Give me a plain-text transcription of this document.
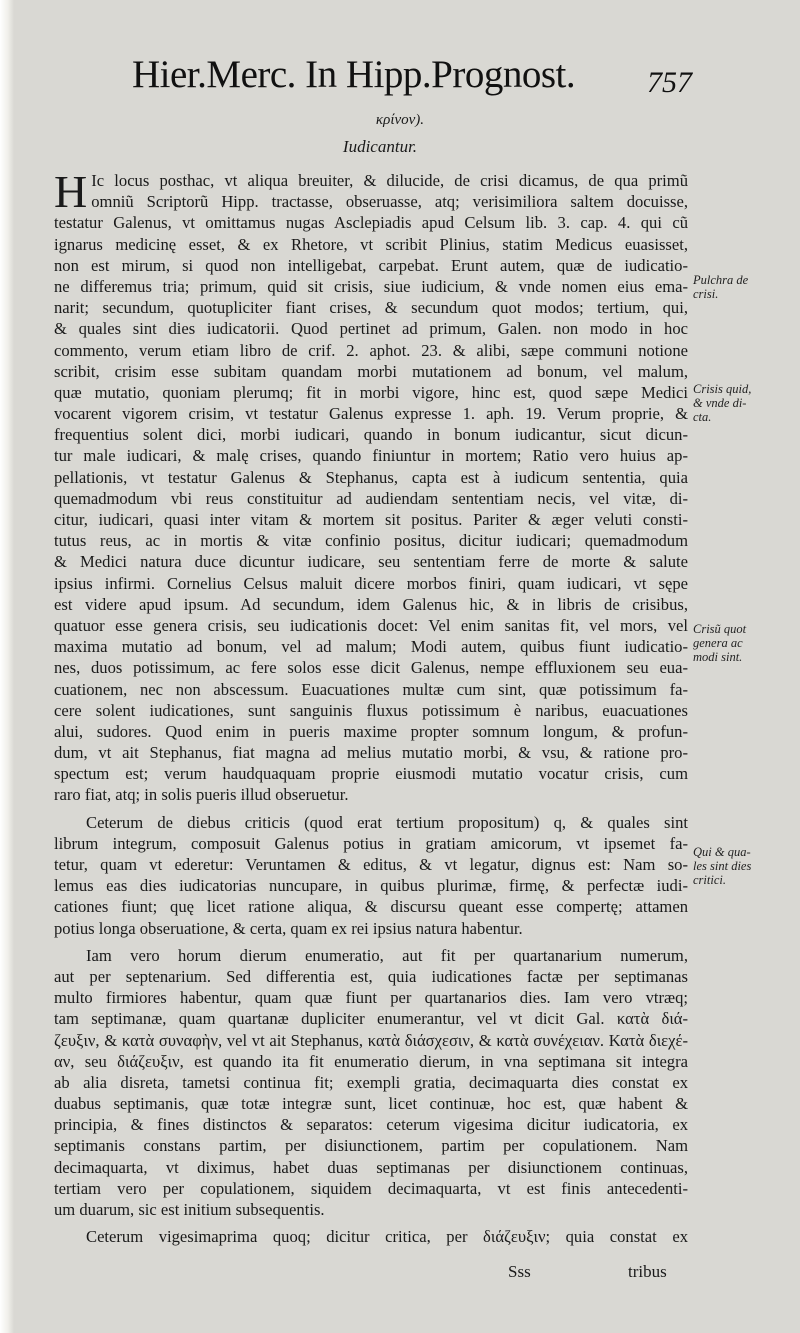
Hier.Merc. In Hipp.Prognost. 757
κρίνον).
Iudicantur.
H Ic locus posthac, vt aliqua breuiter, & dilucide, de crisi dicamus, de qua primũ
omniũ Scriptorũ Hipp. tractasse, obseruasse, atq; verisimiliora saltem docuisse,
testatur Galenus, vt omittamus nugas Asclepiadis apud Celsum lib. 3. cap. 4. qui cũ
ignarus medicinę esset, & ex Rhetore, vt scribit Plinius, statim Medicus euasisset,
non est mirum, si quod non intelligebat, carpebat. Erunt autem, quæ de iudicatio-
ne differemus tria; primum, quid sit crisis, siue iudicium, & vnde nomen eius ema-
narit; secundum, quotupliciter fiant crises, & secundum quot modos; tertium, qui,
& quales sint dies iudicatorii. Quod pertinet ad primum, Galen. non modo in hoc
commento, verum etiam libro de crif. 2. aphot. 23. & alibi, sæpe communi notione
scribit, crisim esse subitam quandam morbi mutationem ad bonum, vel malum,
quæ mutatio, quoniam plerumq; fit in morbi vigore, hinc est, quod sæpe Medici
vocarent vigorem crisim, vt testatur Galenus expresse 1. aph. 19. Verum proprie, &
frequentius solent dici, morbi iudicari, quando in bonum iudicantur, sicut dicun-
tur male iudicari, & malę crises, quando finiuntur in mortem; Ratio vero huius ap-
pellationis, vt testatur Galenus & Stephanus, capta est à iudicum sententia, quia
quemadmodum vbi reus constituitur ad audiendam sententiam necis, vel vitæ, di-
citur, iudicari, quasi inter vitam & mortem sit positus. Pariter & æger veluti consti-
tutus reus, ac in mortis & vitæ confinio positus, dicitur iudicari; quemadmodum
& Medici natura duce dicuntur iudicare, seu sententiam ferre de morte & salute
ipsius infirmi. Cornelius Celsus maluit dicere morbos finiri, quam iudicari, vt sępe
est videre apud ipsum. Ad secundum, idem Galenus hic, & in libris de crisibus,
quatuor esse genera crisis, seu iudicationis docet: Vel enim sanitas fit, vel mors, vel
maxima mutatio ad bonum, vel ad malum; Modi autem, quibus fiunt iudicatio-
nes, duos potissimum, ac fere solos esse dicit Galenus, nempe effluxionem seu eua-
cuationem, nec non abscessum. Euacuationes multæ cum sint, quæ potissimum fa-
cere solent iudicationes, sunt sanguinis fluxus potissimum è naribus, euacuationes
alui, sudores. Quod enim in pueris maxime propter somnum longum, & profun-
dum, vt ait Stephanus, fiat magna ad melius mutatio morbi, & vsu, & ratione pro-
spectum est; verum haudquaquam proprie eiusmodi mutatio vocatur crisis, cum
raro fiat, atq; in solis pueris illud obseruetur.
Ceterum de diebus criticis (quod erat tertium propositum) q, & quales sint
librum integrum, composuit Galenus potius in gratiam amicorum, vt ipsemet fa-
tetur, quam vt ederetur: Veruntamen & editus, & vt legatur, dignus est: Nam so-
lemus eas dies iudicatorias nuncupare, in quibus plurimæ, firmę, & perfectæ iudi-
cationes fiunt; quę licet ratione aliqua, & discursu queant esse compertę; attamen
potius longa obseruatione, & certa, quam ex rei ipsius natura habentur.
Iam vero horum dierum enumeratio, aut fit per quartanarium numerum,
aut per septenarium. Sed differentia est, quia iudicationes factæ per septimanas
multo firmiores habentur, quam quæ fiunt per quartanarios dies. Iam vero vtræq;
tam septimanæ, quam quartanæ dupliciter enumerantur, vel vt dicit Gal. κατὰ διά-
ζευξιν, & κατὰ συναφὴν, vel vt ait Stephanus, κατὰ διάσχεσιν, & κατὰ συνέχειαν. Κατὰ διεχέ-
αν, seu διάζευξιν, est quando ita fit enumeratio dierum, in vna septimana sit integra
ab alia disreta, tametsi continua fit; exempli gratia, decimaquarta dies constat ex
duabus septimanis, quæ totæ integræ sunt, licet continuæ, hoc est, quæ habent &
principia, & fines distinctos & separatos: ceterum vigesima dicitur iudicatoria, ex
septimanis constans partim, per disiunctionem, partim per copulationem. Nam
decimaquarta, vt diximus, habet duas septimanas per disiunctionem continuas,
tertiam vero per copulationem, siquidem decimaquarta, vt est finis antecedenti-
um duarum, sic est initium subsequentis.
Ceterum vigesimaprima quoq; dicitur critica, per διάζευξιν; quia constat ex
Pulchra de
crisi.
Crisis quid,
& vnde di-
cta.
Crisũ quot
genera ac
modi sint.
Qui & qua-
les sint dies
critici.
Sss	tribus
